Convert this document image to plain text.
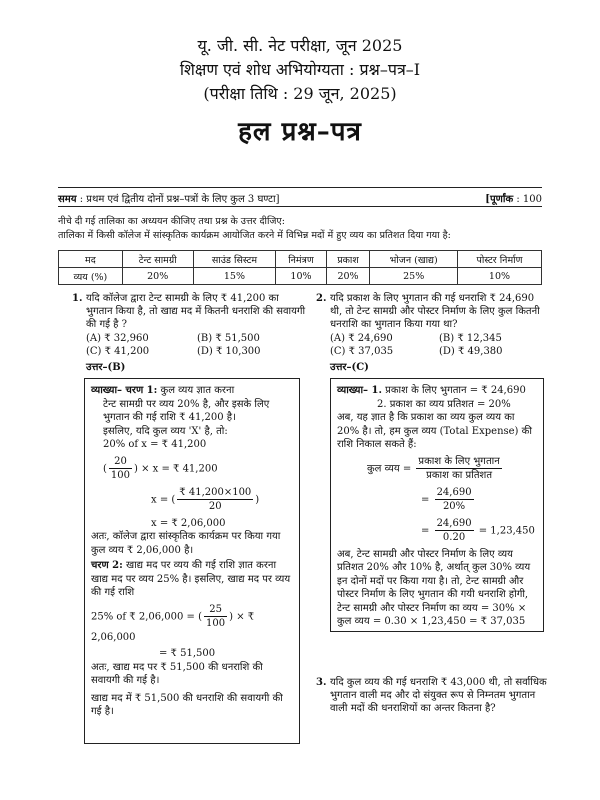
यू. जी. सी. नेट परीक्षा, जून 2025
शिक्षण एवं शोध अभियोग्यता : प्रश्न–पत्र–I
(परीक्षा तिथि : 29 जून, 2025)
हल प्रश्न–पत्र
समय : प्रथम एवं द्वितीय दोनों प्रश्न–पत्रों के लिए कुल 3 घण्टा]	[पूर्णांक : 100
नीचे दी गई तालिका का अध्ययन कीजिए तथा प्रश्न के उत्तर दीजिए:
तालिका में किसी कॉलेज में सांस्कृतिक कार्यक्रम आयोजित करने में विभिन्न मदों में हुए व्यय का प्रतिशत दिया गया है:
मद	टेन्ट सामग्री	साउंड सिस्टम	निमंत्रण	प्रकाश	भोजन (खाद्य)	पोस्टर निर्माण
व्यय (%)	20%	15%	10%	20%	25%	10%
1. यदि कॉलेज द्वारा टेन्ट सामग्री के लिए ₹ 41,200 का भुगतान किया है, तो खाद्य मद में कितनी धनराशि की सवायगी की गई है ?
(A) ₹ 32,960	(B) ₹ 51,500
(C) ₹ 41,200	(D) ₹ 10,300
उत्तर–(B)
व्याख्या– चरण 1: कुल व्यय ज्ञात करना
टेन्ट सामग्री पर व्यय 20% है, और इसके लिए भुगतान की गई राशि ₹ 41,200 है।
इसलिए, यदि कुल व्यय 'X' है, तो:
20% of x = ₹ 41,200
( $\frac{20}{100}$ ) × x = ₹ 41,200
x = ( $\frac{₹ 41,200\times 100}{20}$ )
x = ₹ 2,06,000
अतः, कॉलेज द्वारा सांस्कृतिक कार्यक्रम पर किया गया कुल व्यय ₹ 2,06,000 है।
चरण 2: खाद्य मद पर व्यय की गई राशि ज्ञात करना
खाद्य मद पर व्यय 25% है। इसलिए, खाद्य मद पर व्यय की गई राशि
25% of ₹ 2,06,000 = ( $\frac{25}{100}$ ) × ₹ 2,06,000
= ₹ 51,500
अतः, खाद्य मद पर ₹ 51,500 की धनराशि की सवायगी की गई है।
खाद्य मद में ₹ 51,500 की धनराशि की सवायगी की गई है।
2. यदि प्रकाश के लिए भुगतान की गई धनराशि ₹ 24,690 थी, तो टेन्ट सामग्री और पोस्टर निर्माण के लिए कुल कितनी धनराशि का भुगतान किया गया था?
(A) ₹ 24,690	(B) ₹ 12,345
(C) ₹ 37,035	(D) ₹ 49,380
उत्तर–(C)
व्याख्या– 1. प्रकाश के लिए भुगतान = ₹ 24,690
2. प्रकाश का व्यय प्रतिशत = 20%
अब, यह ज्ञात है कि प्रकाश का व्यय कुल व्यय का 20% है। तो, हम कुल व्यय (Total Expense) की राशि निकाल सकते हैं:
कुल व्यय = $\frac{\text{प्रकाश के लिए भुगतान}}{\text{प्रकाश का प्रतिशत}}$
= $\frac{24,690}{20\%}$
= $\frac{24,690}{0.20} = 1,23,450$
अब, टेन्ट सामग्री और पोस्टर निर्माण के लिए व्यय प्रतिशत 20% और 10% है, अर्थात् कुल 30% व्यय इन दोनों मदों पर किया गया है। तो, टेन्ट सामग्री और पोस्टर निर्माण के लिए भुगतान की गयी धनराशि होगी,
टेन्ट सामग्री और पोस्टर निर्माण का व्यय = 30% × कुल व्यय = 0.30 × 1,23,450 = ₹ 37,035
3. यदि कुल व्यय की गई धनराशि ₹ 43,000 थी, तो सर्वाधिक भुगतान वाली मद और दो संयुक्त रूप से निम्नतम भुगतान वाली मदों की धनराशियों का अन्तर कितना है?
